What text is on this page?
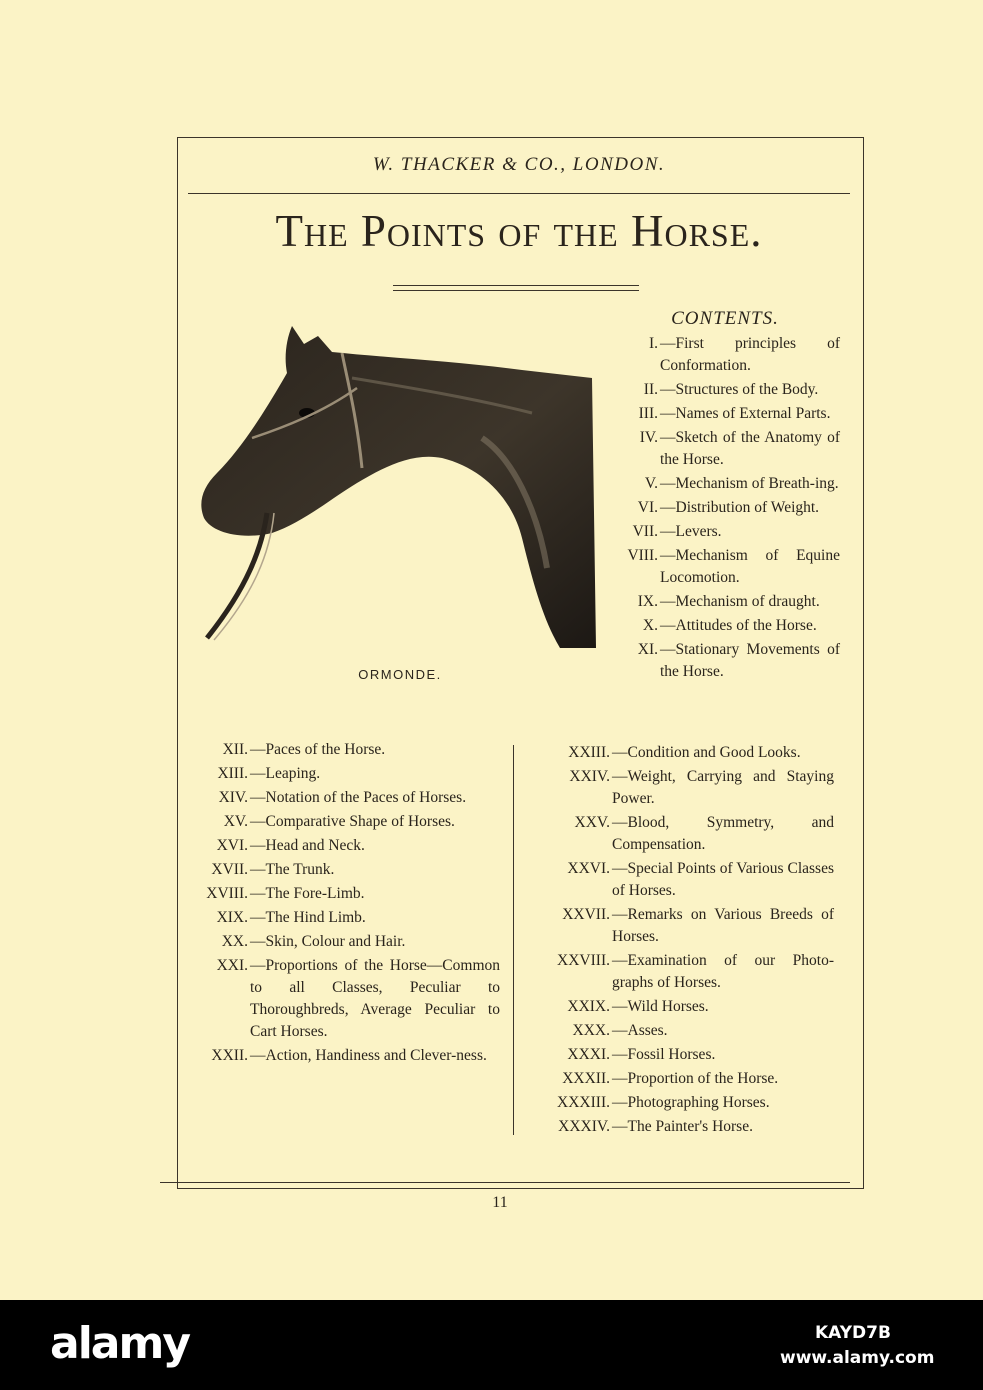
W. THACKER & CO., LONDON.
The Points of the Horse.
ORMONDE.
CONTENTS.
I. —First principles of Conformation.
II. —Structures of the Body.
III. —Names of External Parts.
IV. —Sketch of the Anatomy of the Horse.
V. —Mechanism of Breath-ing.
VI. —Distribution of Weight.
VII. —Levers.
VIII. —Mechanism of Equine Locomotion.
IX. —Mechanism of draught.
X. —Attitudes of the Horse.
XI. —Stationary Movements of the Horse.
XII. —Paces of the Horse.
XIII. —Leaping.
XIV. —Notation of the Paces of Horses.
XV. —Comparative Shape of Horses.
XVI. —Head and Neck.
XVII. —The Trunk.
XVIII. —The Fore-Limb.
XIX. —The Hind Limb.
XX. —Skin, Colour and Hair.
XXI. —Proportions of the Horse—Common to all Classes, Peculiar to Thoroughbreds, Average Peculiar to Cart Horses.
XXII. —Action, Handiness and Clever-ness.
XXIII. —Condition and Good Looks.
XXIV. —Weight, Carrying and Staying Power.
XXV. —Blood, Symmetry, and Compensation.
XXVI. —Special Points of Various Classes of Horses.
XXVII. —Remarks on Various Breeds of Horses.
XXVIII. —Examination of our Photo-graphs of Horses.
XXIX. —Wild Horses.
XXX. —Asses.
XXXI. —Fossil Horses.
XXXII. —Proportion of the Horse.
XXXIII. —Photographing Horses.
XXXIV. —The Painter's Horse.
11
alamy	KAYD7B
www.alamy.com
